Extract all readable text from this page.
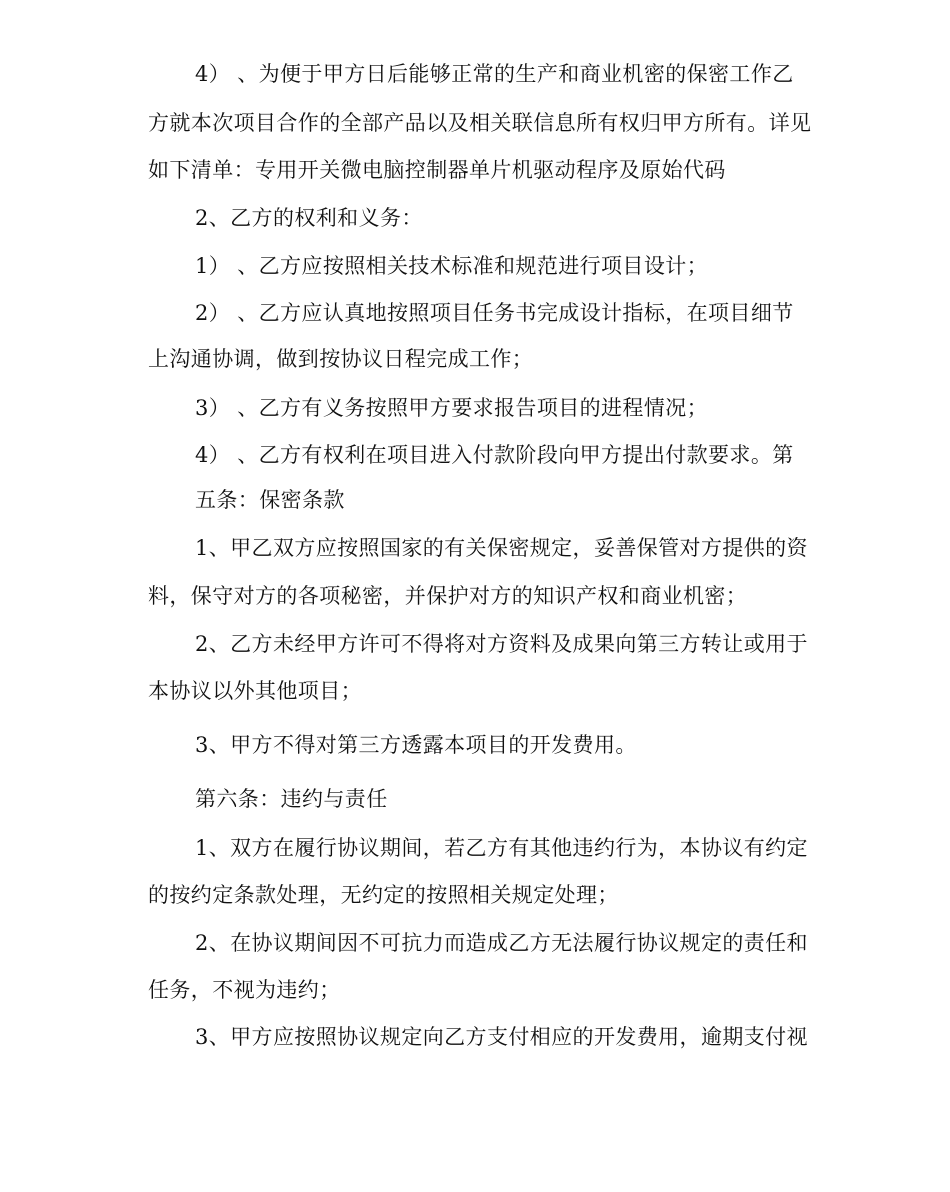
4） 、为便于甲方日后能够正常的生产和商业机密的保密工作乙
方就本次项目合作的全部产品以及相关联信息所有权归甲方所有。详见
如下清单：专用开关微电脑控制器单片机驱动程序及原始代码
2、乙方的权利和义务：
1） 、乙方应按照相关技术标准和规范进行项目设计；
2） 、乙方应认真地按照项目任务书完成设计指标，在项目细节
上沟通协调，做到按协议日程完成工作；
3） 、乙方有义务按照甲方要求报告项目的进程情况；
4） 、乙方有权利在项目进入付款阶段向甲方提出付款要求。第
五条：保密条款
1、甲乙双方应按照国家的有关保密规定，妥善保管对方提供的资
料，保守对方的各项秘密，并保护对方的知识产权和商业机密；
2、乙方未经甲方许可不得将对方资料及成果向第三方转让或用于
本协议以外其他项目；
3、甲方不得对第三方透露本项目的开发费用。
第六条：违约与责任
1、双方在履行协议期间，若乙方有其他违约行为，本协议有约定
的按约定条款处理，无约定的按照相关规定处理；
2、在协议期间因不可抗力而造成乙方无法履行协议规定的责任和
任务，不视为违约；
3、甲方应按照协议规定向乙方支付相应的开发费用，逾期支付视
